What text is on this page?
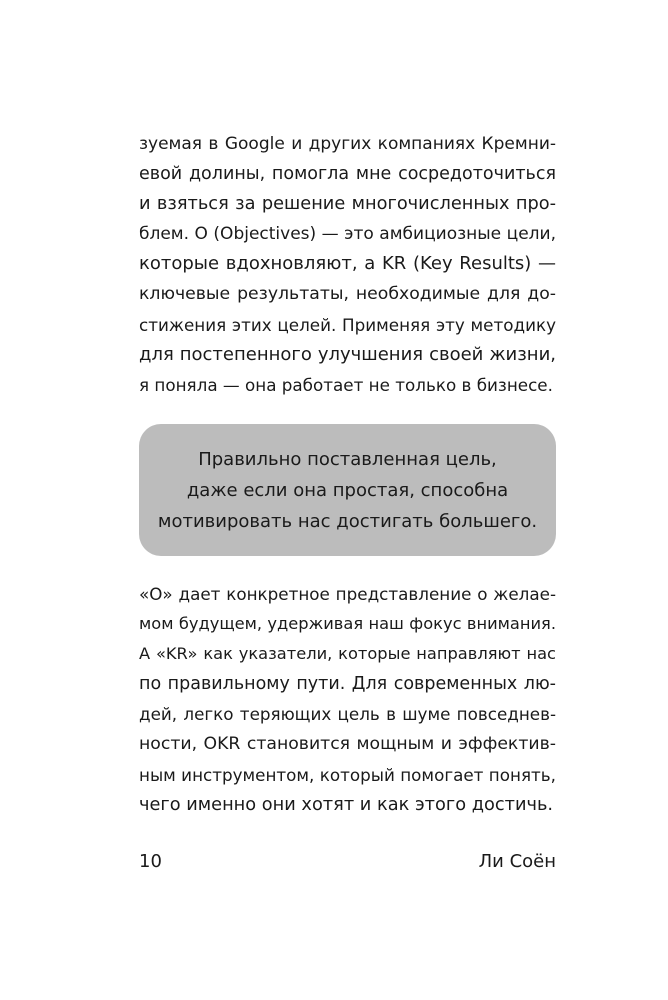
зуемая в Google и других компаниях Кремни-
евой долины, помогла мне сосредоточиться
и взяться за решение многочисленных про-
блем. O (Objectives) — это амбициозные цели,
которые вдохновляют, а KR (Key Results) —
ключевые результаты, необходимые для до-
стижения этих целей. Применяя эту методику
для постепенного улучшения своей жизни,
я поняла — она работает не только в бизнесе.

Правильно поставленная цель,
даже если она простая, способна
мотивировать нас достигать большего.

«O» дает конкретное представление о желае-
мом будущем, удерживая наш фокус внимания.
А «KR» как указатели, которые направляют нас
по правильному пути. Для современных лю-
дей, легко теряющих цель в шуме повседнев-
ности, OKR становится мощным и эффектив-
ным инструментом, который помогает понять,
чего именно они хотят и как этого достичь.

10	Ли Соён
